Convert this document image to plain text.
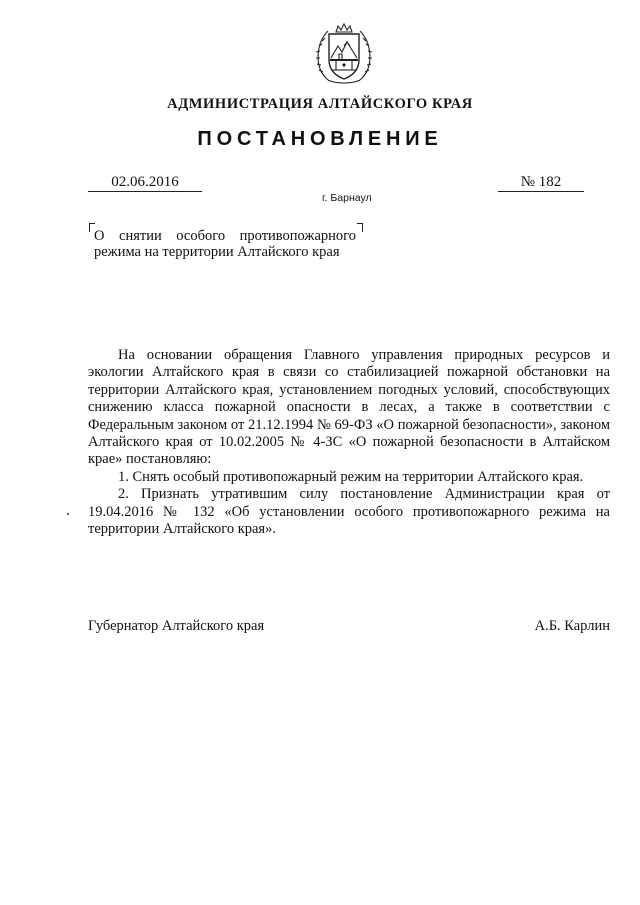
АДМИНИСТРАЦИЯ АЛТАЙСКОГО КРАЯ
ПОСТАНОВЛЕНИЕ
02.06.2016
г. Барнаул
№ 182
О снятии особого противопожарного режима на территории Алтайского края

На основании обращения Главного управления природных ресурсов и экологии Алтайского края в связи со стабилизацией пожарной обстановки на территории Алтайского края, установлением погодных условий, способствующих снижению класса пожарной опасности в лесах, а также в соответствии с Федеральным законом от 21.12.1994 № 69-ФЗ «О пожарной безопасности», законом Алтайского края от 10.02.2005 № 4-ЗС «О пожарной безопасности в Алтайском крае» постановляю:

1. Снять особый противопожарный режим на территории Алтайского края.

2. Признать утратившим силу постановление Администрации края от 19.04.2016 № 132 «Об установлении особого противопожарного режима на территории Алтайского края».

Губернатор Алтайского края	А.Б. Карлин
